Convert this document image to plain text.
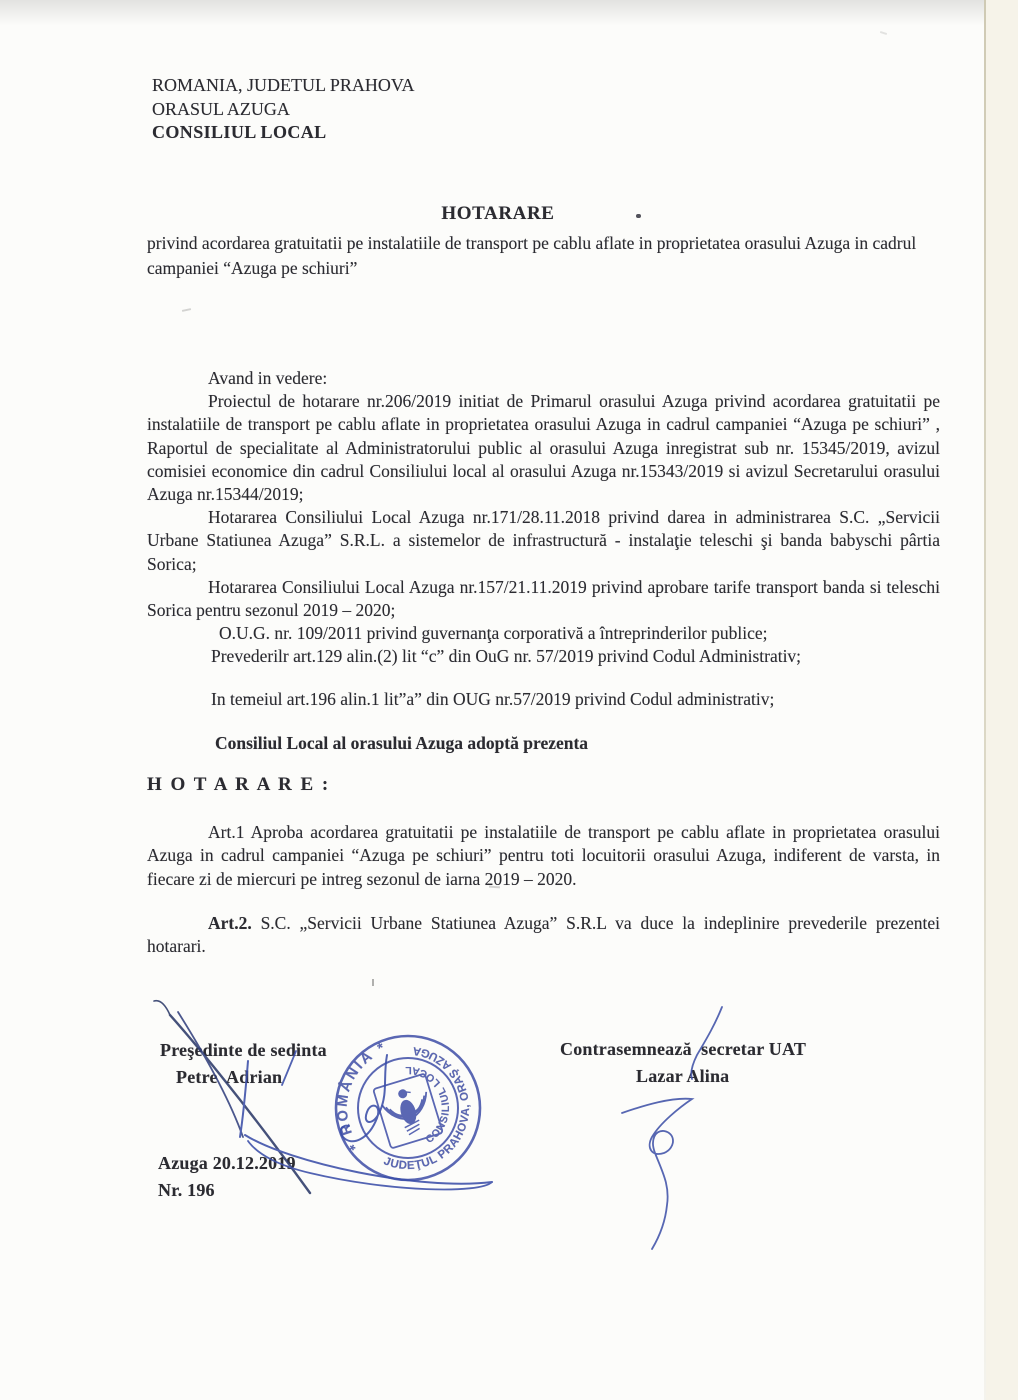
ROMANIA, JUDETUL PRAHOVA
ORASUL AZUGA
CONSILIUL LOCAL
HOTARARE
privind acordarea gratuitatii pe instalatiile de transport pe cablu aflate in proprietatea orasului Azuga in cadrul campaniei “Azuga pe schiuri”

Avand in vedere:

Proiectul de hotarare nr.206/2019 initiat de Primarul orasului Azuga privind acordarea gratuitatii pe instalatiile de transport pe cablu aflate in proprietatea orasului Azuga in cadrul campaniei “Azuga pe schiuri” , Raportul de specialitate al Administratorului public al orasului Azuga inregistrat sub nr. 15345/2019, avizul comisiei economice din cadrul Consiliului local al orasului Azuga nr.15343/2019 si avizul Secretarului orasului Azuga nr.15344/2019;

Hotararea Consiliului Local Azuga nr.171/28.11.2018 privind darea in administrarea S.C. „Servicii Urbane Statiunea Azuga” S.R.L. a sistemelor de infrastructură - instalaţie teleschi şi banda babyschi pârtia Sorica;

Hotararea Consiliului Local Azuga nr.157/21.11.2019 privind aprobare tarife transport banda si teleschi Sorica pentru sezonul 2019 – 2020;

O.U.G. nr. 109/2011 privind guvernanţa corporativă a întreprinderilor publice;

Prevederilr art.129 alin.(2) lit “c” din OuG nr. 57/2019 privind Codul Administrativ;

In temeiul art.196 alin.1 lit”a” din OUG nr.57/2019 privind Codul administrativ;

Consiliul Local al orasului Azuga adoptă prezenta

H O T A R A R E :

Art.1 Aproba acordarea gratuitatii pe instalatiile de transport pe cablu aflate in proprietatea orasului Azuga in cadrul campaniei “Azuga pe schiuri” pentru toti locuitorii orasului Azuga, indiferent de varsta, in fiecare zi de miercuri pe intreg sezonul de iarna 2019 – 2020.

Art.2. S.C. „Servicii Urbane Statiunea Azuga” S.R.L va duce la indeplinire prevederile prezentei hotarari.

Preşedinte de sedinta
Petre  Adrian
Contrasemnează  secretar UAT
Lazar Alina
Azuga 20.12.2019
Nr. 196
* ROMÂNIA *
JUDEŢUL PRAHOVA, ORAŞ AZUGA
CONSILIUL LOCAL
